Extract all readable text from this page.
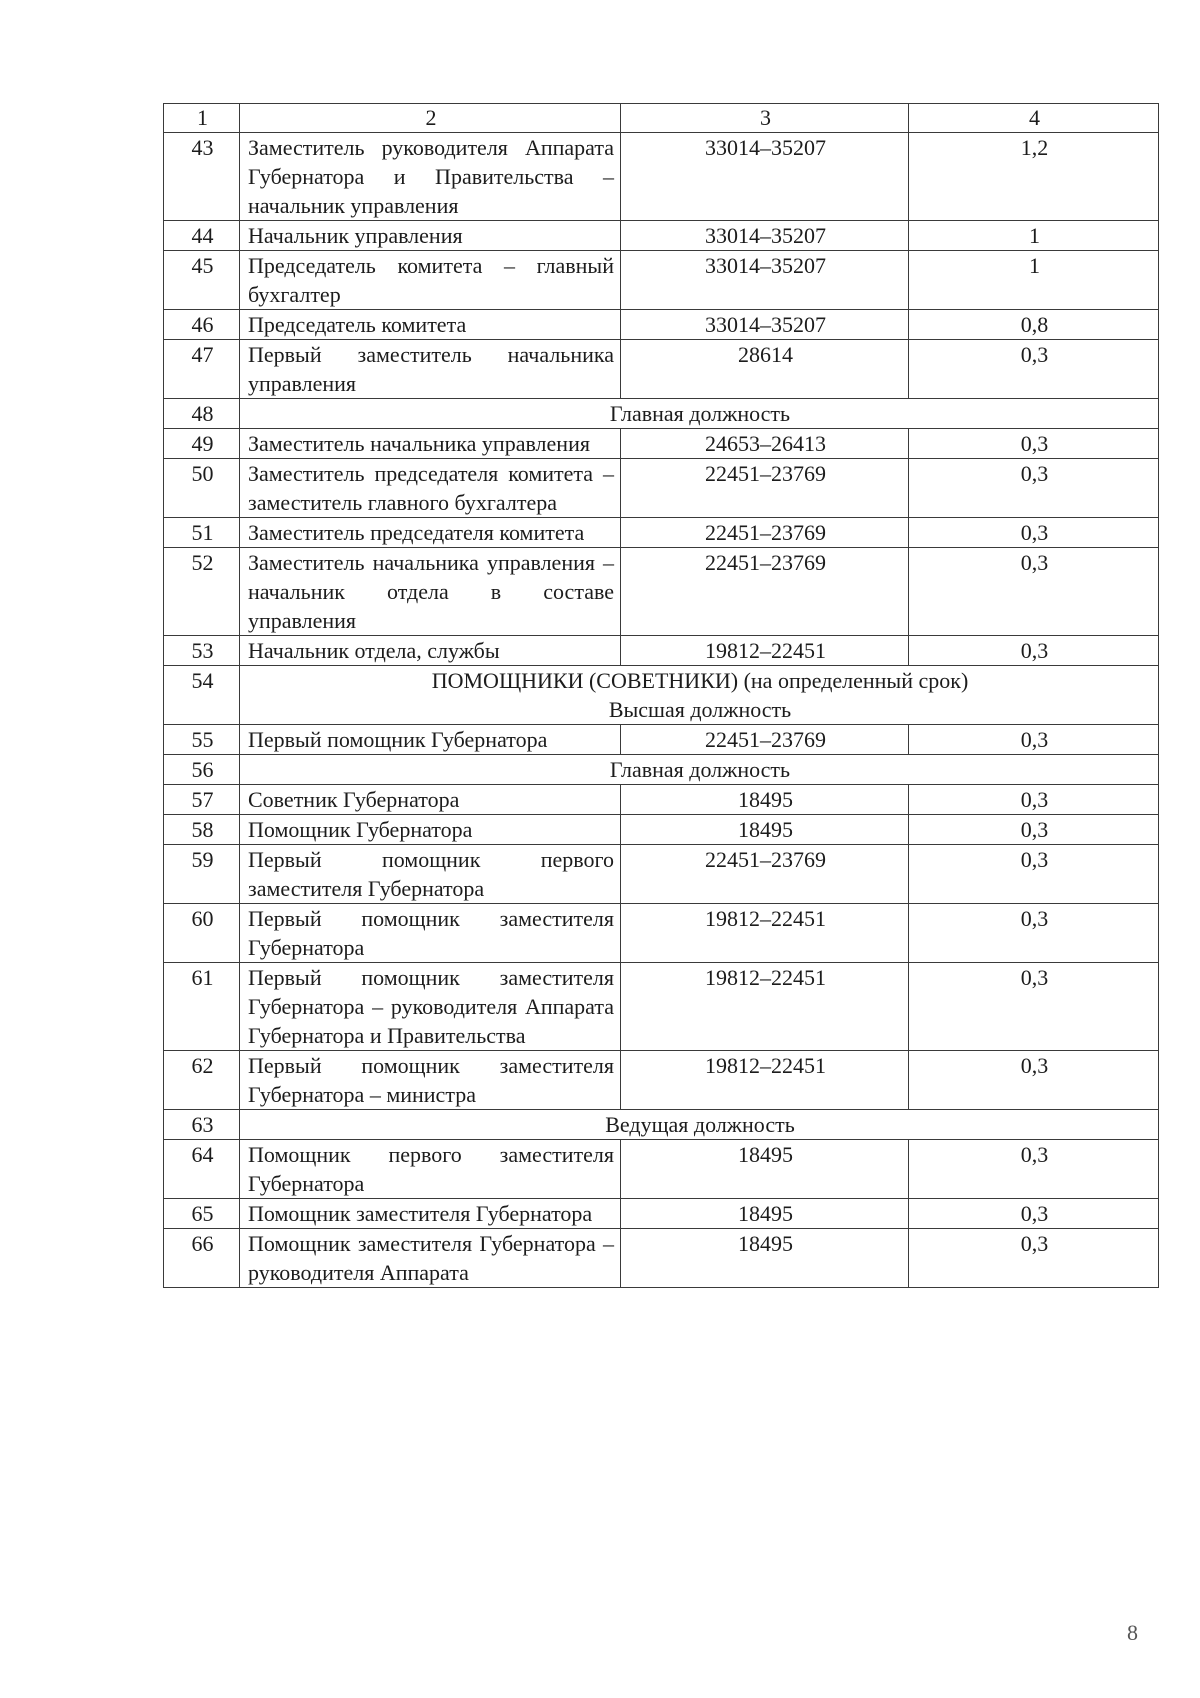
1	2	3	4
43	Заместитель руководителя Аппарата Губернатора и Правительства – начальник управления	33014–35207	1,2
44	Начальник управления	33014–35207	1
45	Председатель комитета – главный бухгалтер	33014–35207	1
46	Председатель комитета	33014–35207	0,8
47	Первый заместитель начальника управления	28614	0,3
48	Главная должность		

49	Заместитель начальника управления	24653–26413	0,3
50	Заместитель председателя комитета – заместитель главного бухгалтера	22451–23769	0,3
51	Заместитель председателя комитета	22451–23769	0,3
52	Заместитель начальника управления – начальник отдела в составе управления	22451–23769	0,3
53	Начальник отдела, службы	19812–22451	0,3
54	ПОМОЩНИКИ (СОВЕТНИКИ) (на определенный срок)
Высшая должность		

55	Первый помощник Губернатора	22451–23769	0,3
56	Главная должность		

57	Советник Губернатора	18495	0,3
58	Помощник Губернатора	18495	0,3
59	Первый помощник первого заместителя Губернатора	22451–23769	0,3
60	Первый помощник заместителя Губернатора	19812–22451	0,3
61	Первый помощник заместителя Губернатора – руководителя Аппарата Губернатора и Правительства	19812–22451	0,3
62	Первый помощник заместителя Губернатора – министра	19812–22451	0,3
63	Ведущая должность		

64	Помощник первого заместителя Губернатора	18495	0,3
65	Помощник заместителя Губернатора	18495	0,3
66	Помощник заместителя Губернатора – руководителя Аппарата	18495	0,3
8
